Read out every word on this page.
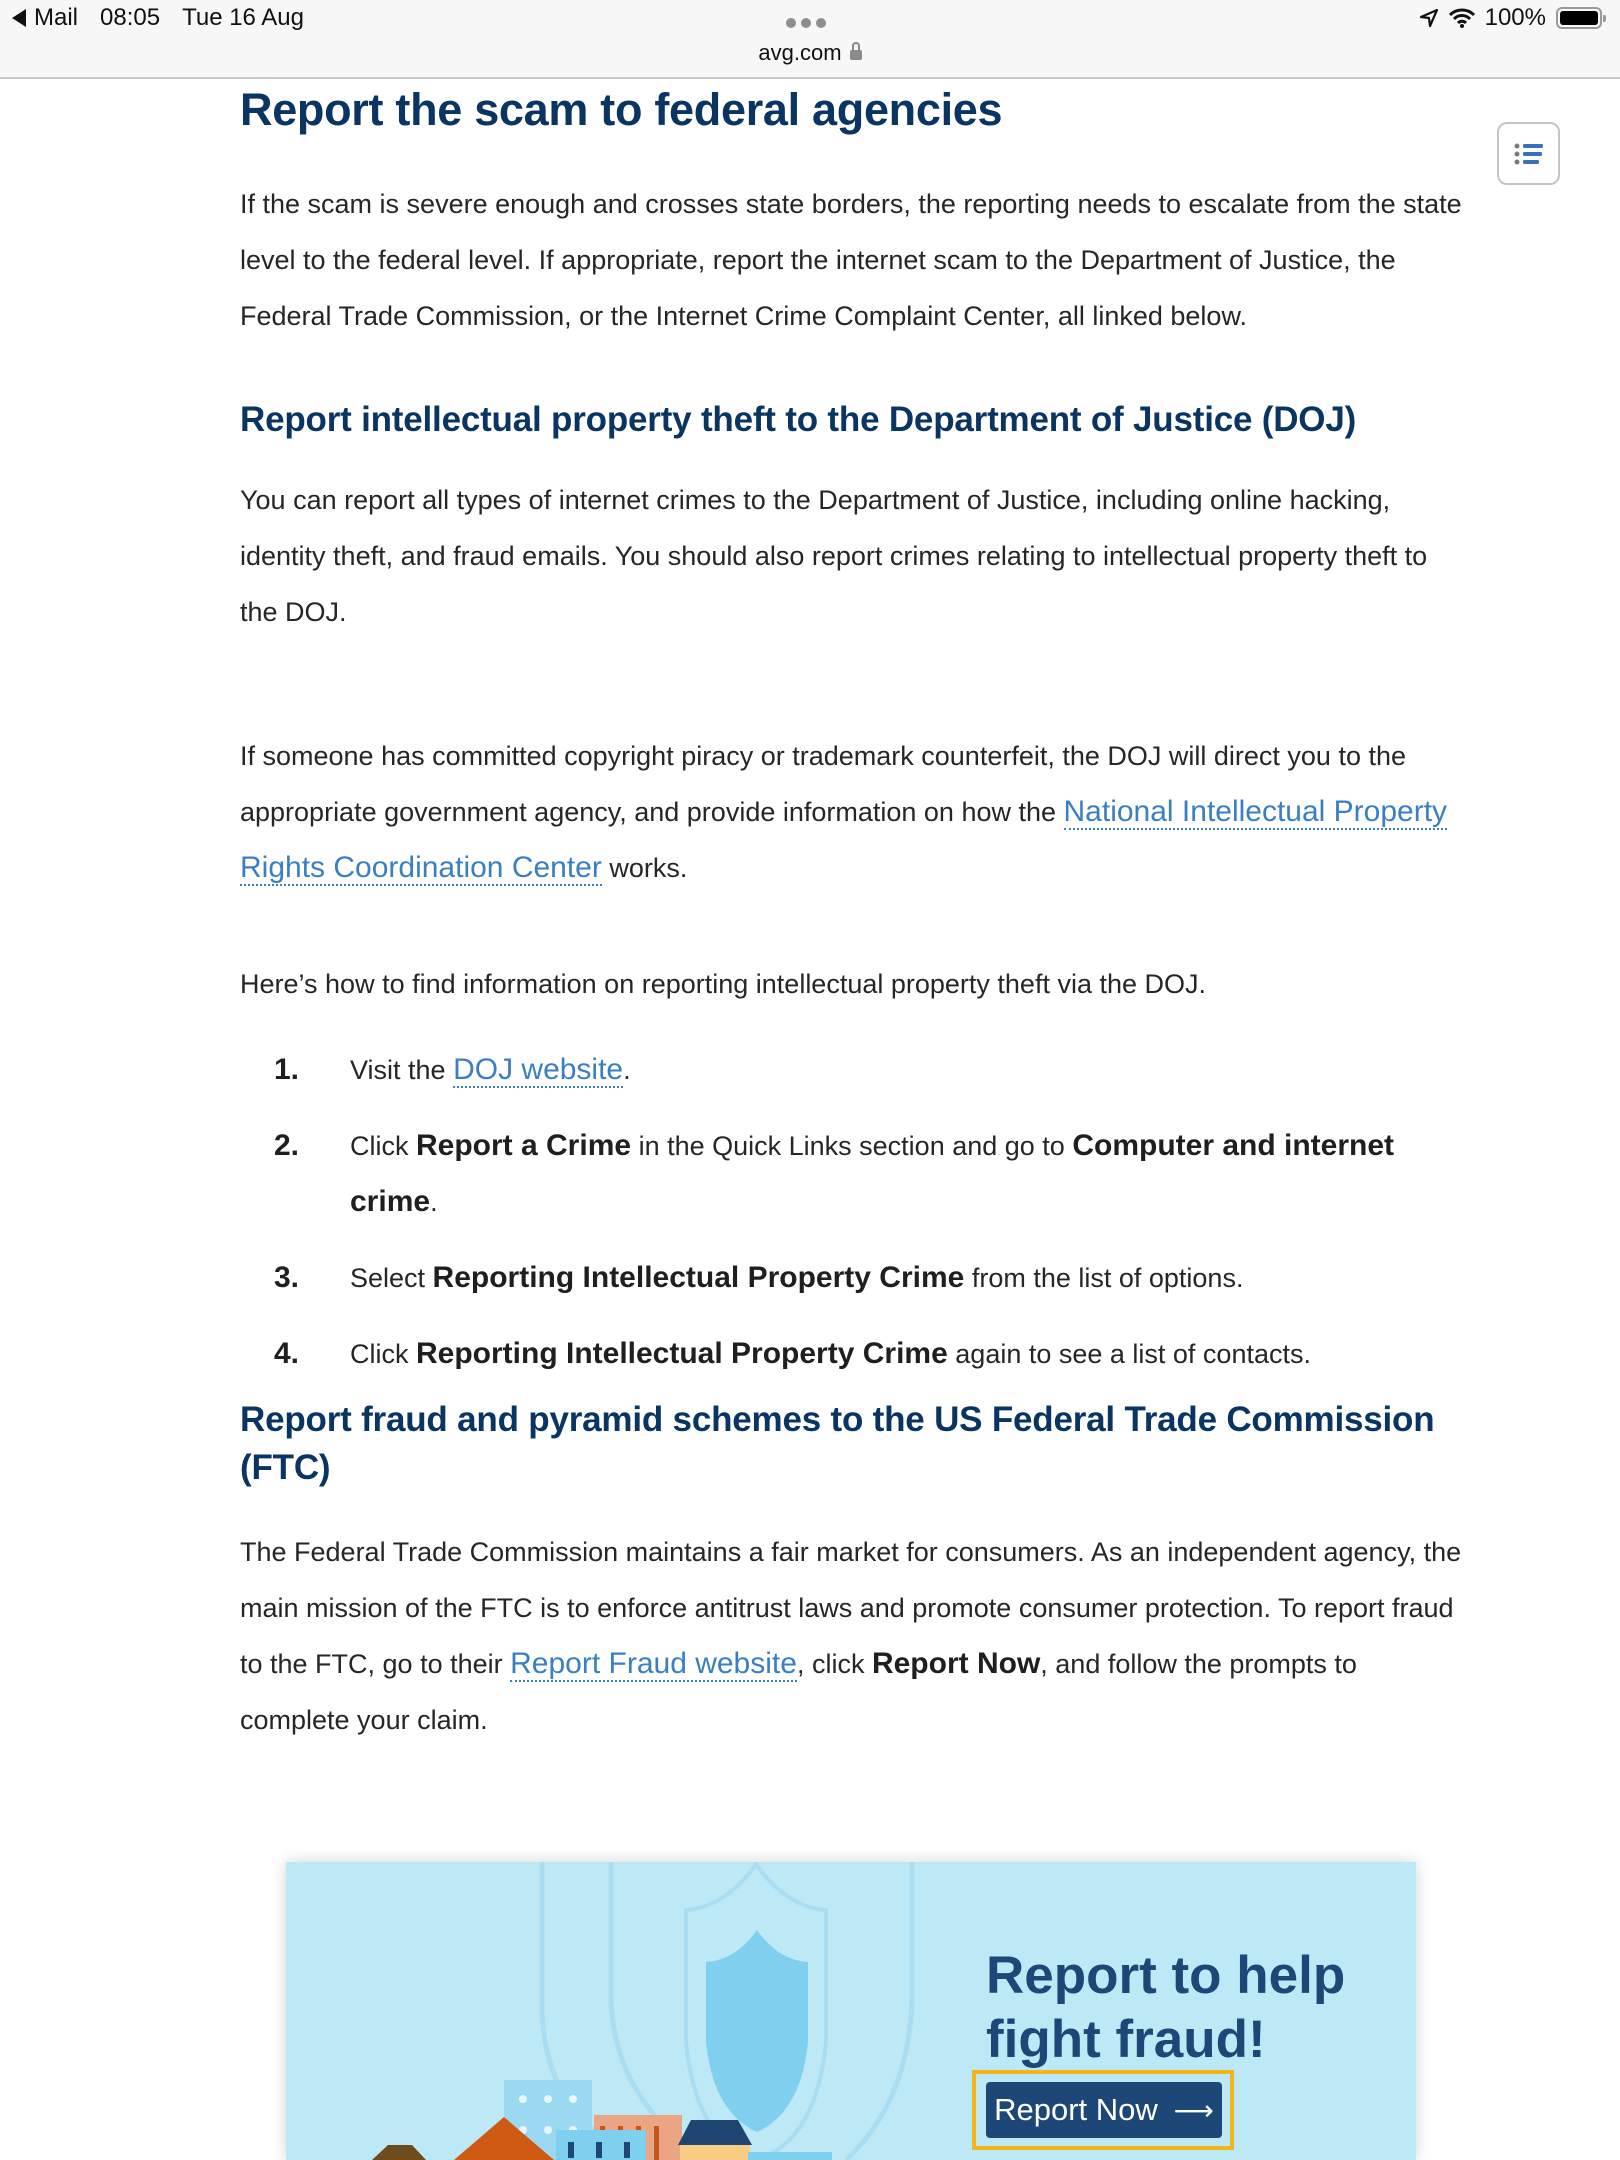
Mail 08:05 Tue 16 Aug
avg.com
100%
Report the scam to federal agencies

If the scam is severe enough and crosses state borders, the reporting needs to escalate from the state level to the federal level. If appropriate, report the internet scam to the Department of Justice, the Federal Trade Commission, or the Internet Crime Complaint Center, all linked below.

Report intellectual property theft to the Department of Justice (DOJ)

You can report all types of internet crimes to the Department of Justice, including online hacking, identity theft, and fraud emails. You should also report crimes relating to intellectual property theft to the DOJ.

If someone has committed copyright piracy or trademark counterfeit, the DOJ will direct you to the appropriate government agency, and provide information on how the National Intellectual Property Rights Coordination Center works.

Here’s how to find information on reporting intellectual property theft via the DOJ.

1. Visit the DOJ website.
2. Click Report a Crime in the Quick Links section and go to Computer and internet crime.
3. Select Reporting Intellectual Property Crime from the list of options.
4. Click Reporting Intellectual Property Crime again to see a list of contacts.
Report fraud and pyramid schemes to the US Federal Trade Commission (FTC)

The Federal Trade Commission maintains a fair market for consumers. As an independent agency, the main mission of the FTC is to enforce antitrust laws and promote consumer protection. To report fraud to the FTC, go to their Report Fraud website, click Report Now, and follow the prompts to complete your claim.

Report to help
fight fraud!
Report Now ⟶
